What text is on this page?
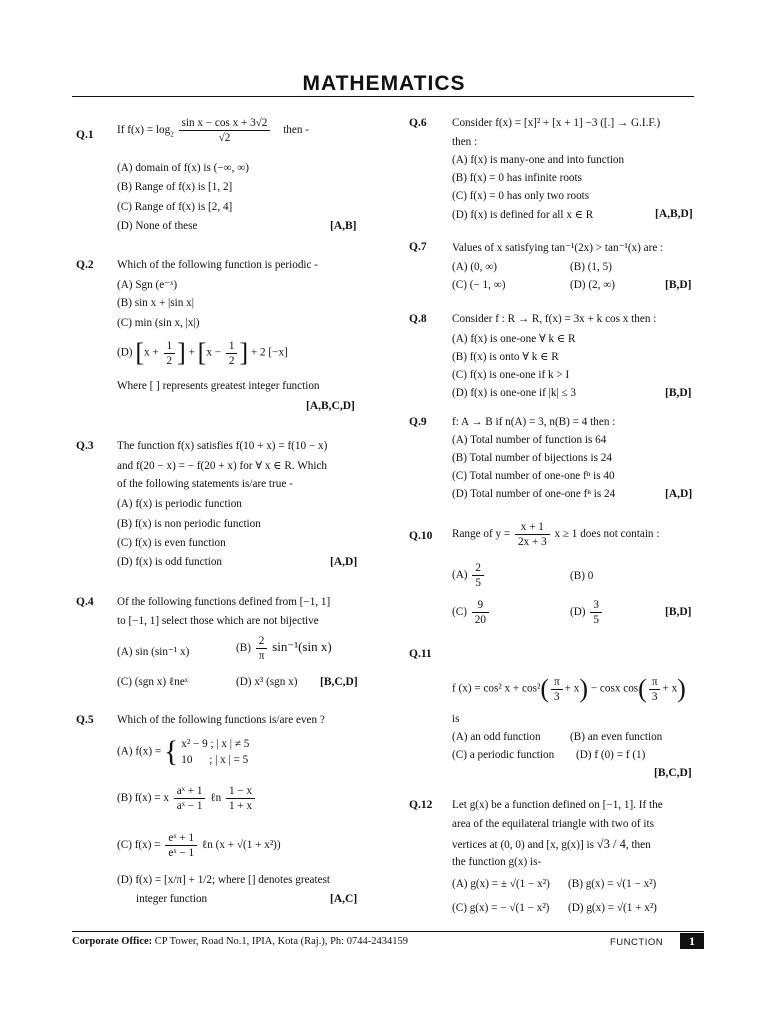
MATHEMATICS
Q.1 If $f(x) = \log_2 \frac{\text{sin x − cos x + 3√2}}{√2}$ then -
(A) domain of f(x) is (−∞, ∞)
(B) Range of f(x) is [1, 2]
(C) Range of f(x) is [2, 4]
(D) None of these	[A,B]
Q.2 Which of the following function is periodic -
(A) Sgn (e⁻ˣ)
(B) sin x + |sin x|
(C) min (sin x, |x|)
(D) [$x + \frac{1}{2}$ ] + [$x - \frac{1}{2}$ ] + 2 [−x]
Where [ ] represents greatest integer function
[A,B,C,D]
Q.3 The function f(x) satisfies f(10 + x) = f(10 − x)
and f(20 − x) = − f(20 + x) for ∀ x ∈ R. Which
of the following statements is/are true -
(A) f(x) is periodic function
(B) f(x) is non periodic function
(C) f(x) is even function
(D) f(x) is odd function	[A,D]
Q.4 Of the following functions defined from [−1, 1]
to [−1, 1] select those which are not bijective
(A) sin (sin⁻¹ x)	$(B) \frac{2}{\pi} \sin^{-1}(\sin$ x)
(C) (sgn x) ℓneˣ	(D) x³ (sgn x) [B,C,D]
Q.5 Which of the following functions is/are even ?
(A) f(x) = { x² − 9 ; | x | ≠ 5
10      ; | x | = 5
(B) f(x) = x $\frac{\text{aˣ + 1}}{\text{aˣ − 1}}$ ℓn $\frac{1 - x}{1 + x}$
(C) $f(x) = \frac{\text{eˣ + 1}}{\text{eˣ − 1}}$ ℓn (x + √(1 + x²))
(D) f(x) = [x/π] + 1/2; where [] denotes greatest
integer function	[A,C]
Q.6 Consider f(x) = [x]² + [x + 1] −3 ([.] → G.I.F.)
then :
(A) f(x) is many-one and into function
(B) f(x) = 0 has infinite roots
(C) f(x) = 0 has only two roots
(D) f(x) is defined for all x ∈ R	[A,B,D]
Q.7 Values of x satisfying tan⁻¹(2x) > tan⁻¹(x) are :
(A) (0, ∞)	(B) (1, 5)
(C) (− 1, ∞)	(D) (2, ∞)	[B,D]
Q.8 Consider f : R → R, f(x) = 3x + k cos x then :
(A) f(x) is one-one ∀ k ∈ R
(B) f(x) is onto ∀ k ∈ R
(C) f(x) is one-one if k > I
(D) f(x) is one-one if |k| ≤ 3	[B,D]
Q.9 f: A → B if n(A) = 3, n(B) = 4 then :
(A) Total number of function is 64
(B) Total number of bijections is 24
(C) Total number of one-one fⁿ is 40
(D) Total number of one-one fⁿ is 24	[A,D]
Q.10 Range of $y = \frac{x + 1}{2x + 3}$ x ≥ 1 does not contain :
$(A) \frac{2}{5}$	(B) 0
$(C) \frac{9}{20}$	$(D) \frac{3}{5}$	[B,D]
Q.11
f (x) = cos² $x + \cos^2( \frac{\pi}{3} + x) - \cos x$ $\cos( \frac{\pi}{3} + x)$
is
(A) an odd function	(B) an even function
(C) a periodic function (D) f (0) = f (1)
[B,C,D]
Q.12 Let g(x) be a function defined on [−1, 1]. If the
area of the equilateral triangle with two of its
vertices at (0, 0) and [x, g(x)] is √3 / 4, then
the function g(x) is-
(A) g(x) = ± √(1 − x²) (B) g(x) = √(1 − x²)
(C) g(x) = − √(1 − x²) (D) g(x) = √(1 + x²)
Corporate Office: CP Tower, Road No.1, IPIA, Kota (Raj.), Ph: 0744-2434159	FUNCTION	1
